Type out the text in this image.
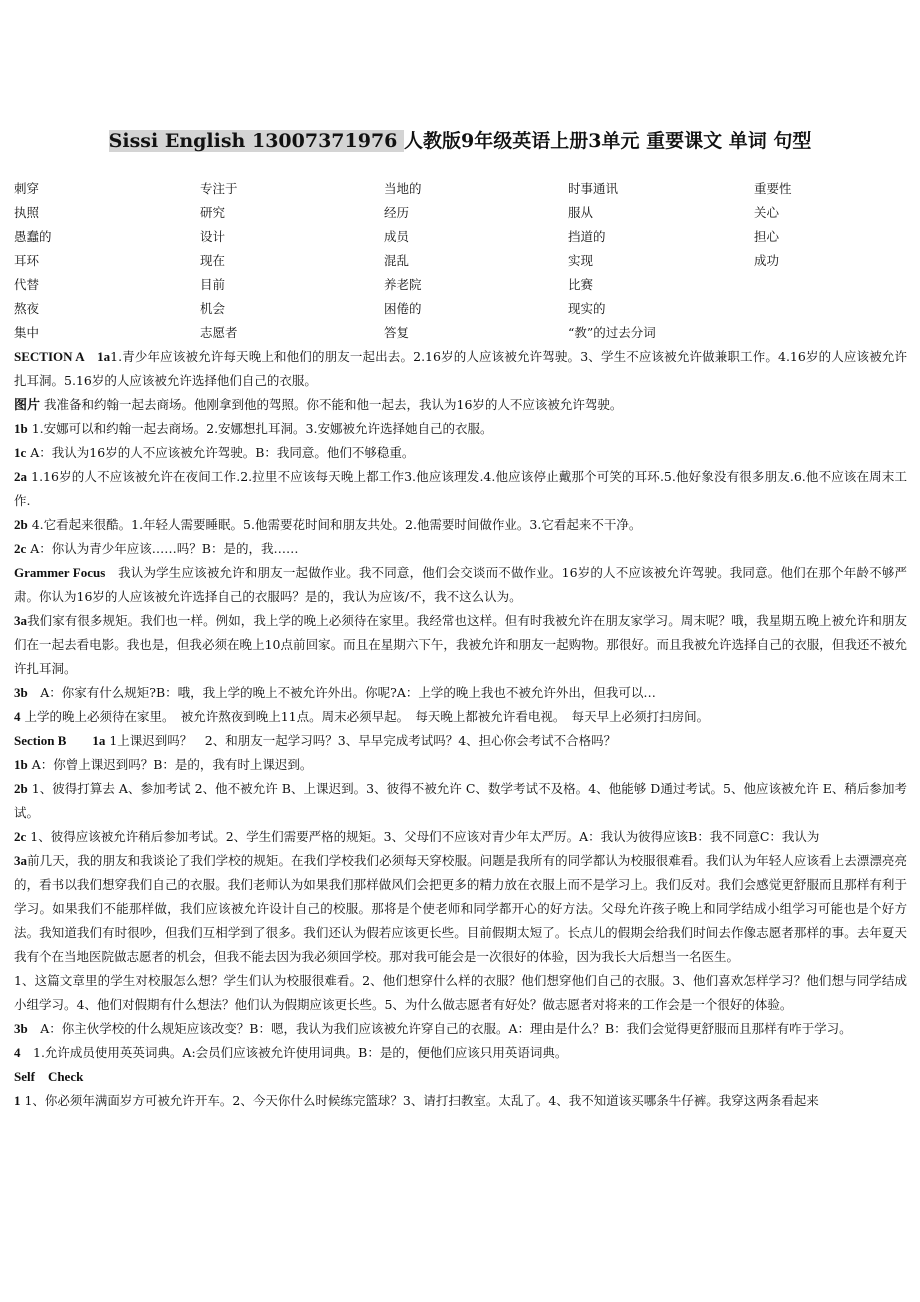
Sissi English 13007371976 人教版9年级英语上册3单元 重要课文 单词 句型
刺穿	专注于	当地的	时事通讯	重要性
执照	研究	经历	服从	关心
愚蠢的	设计	成员	挡道的	担心
耳环	现在	混乱	实现	成功
代替	目前	养老院	比赛
熬夜	机会	困倦的	现实的
集中	志愿者	答复	“教”的过去分词

SECTION A　1a1.青少年应该被允许每天晚上和他们的朋友一起出去。2.16岁的人应该被允许驾驶。3、学生不应该被允许做兼职工作。4.16岁的人应该被允许扎耳洞。5.16岁的人应该被允许选择他们自己的衣服。

图片 我准备和约翰一起去商场。他刚拿到他的驾照。你不能和他一起去，我认为16岁的人不应该被允许驾驶。

1b 1.安娜可以和约翰一起去商场。2.安娜想扎耳洞。3.安娜被允许选择她自己的衣服。

1c A：我认为16岁的人不应该被允许驾驶。B：我同意。他们不够稳重。

2a 1.16岁的人不应该被允许在夜间工作.2.拉里不应该每天晚上都工作3.他应该理发.4.他应该停止戴那个可笑的耳环.5.他好象没有很多朋友.6.他不应该在周末工作.

2b 4.它看起来很酷。1.年轻人需要睡眠。5.他需要花时间和朋友共处。2.他需要时间做作业。3.它看起来不干净。

2c A：你认为青少年应该……吗？B：是的，我……

Grammer Focus　我认为学生应该被允许和朋友一起做作业。我不同意，他们会交谈而不做作业。16岁的人不应该被允许驾驶。我同意。他们在那个年龄不够严肃。你认为16岁的人应该被允许选择自己的衣服吗？是的，我认为应该/不，我不这么认为。

3a我们家有很多规矩。我们也一样。例如，我上学的晚上必须待在家里。我经常也这样。但有时我被允许在朋友家学习。周末呢？哦，我星期五晚上被允许和朋友们在一起去看电影。我也是，但我必须在晚上10点前回家。而且在星期六下午，我被允许和朋友一起购物。那很好。而且我被允许选择自己的衣服，但我还不被允许扎耳洞。

3b　A：你家有什么规矩?B：哦，我上学的晚上不被允许外出。你呢?A：上学的晚上我也不被允许外出，但我可以…

4 上学的晚上必须待在家里。　被允许熬夜到晚上11点。周末必须早起。　每天晚上都被允许看电视。　每天早上必须打扫房间。

Section B　　1a 1上课迟到吗？　2、和朋友一起学习吗？3、早早完成考试吗？4、担心你会考试不合格吗？

1b A：你曾上课迟到吗？B：是的，我有时上课迟到。

2b 1、彼得打算去 A、参加考试 2、他不被允许 B、上课迟到。3、彼得不被允许 C、数学考试不及格。4、他能够 D通过考试。5、他应该被允许 E、稍后参加考试。

2c 1、彼得应该被允许稍后参加考试。2、学生们需要严格的规矩。3、父母们不应该对青少年太严厉。A：我认为彼得应该B：我不同意C：我认为

3a前几天，我的朋友和我谈论了我们学校的规矩。在我们学校我们必须每天穿校服。问题是我所有的同学都认为校服很难看。我们认为年轻人应该看上去漂漂亮亮的，看书以我们想穿我们自己的衣服。我们老师认为如果我们那样做风们会把更多的精力放在衣服上而不是学习上。我们反对。我们会感觉更舒服而且那样有利于学习。如果我们不能那样做，我们应该被允许设计自己的校服。那将是个使老师和同学都开心的好方法。父母允许孩子晚上和同学结成小组学习可能也是个好方法。我知道我们有时很吵，但我们互相学到了很多。我们还认为假若应该更长些。目前假期太短了。长点儿的假期会给我们时间去作像志愿者那样的事。去年夏天我有个在当地医院做志愿者的机会，但我不能去因为我必须回学校。那对我可能会是一次很好的体验，因为我长大后想当一名医生。

1、这篇文章里的学生对校服怎么想？学生们认为校服很难看。2、他们想穿什么样的衣服？他们想穿他们自己的衣服。3、他们喜欢怎样学习？他们想与同学结成小组学习。4、他们对假期有什么想法？他们认为假期应该更长些。5、为什么做志愿者有好处？做志愿者对将来的工作会是一个很好的体验。

3b　A：你主伙学校的什么规矩应该改变？B：嗯，我认为我们应该被允许穿自己的衣服。A：理由是什么？B：我们会觉得更舒服而且那样有咋于学习。

4　1.允许成员使用英英词典。A:会员们应该被允许使用词典。B：是的，便他们应该只用英语词典。

Self　Check

1 1、你必须年满面岁方可被允许开车。2、今天你什么时候练完篮球？3、请打扫教室。太乱了。4、我不知道该买哪条牛仔裤。我穿这两条看起来
